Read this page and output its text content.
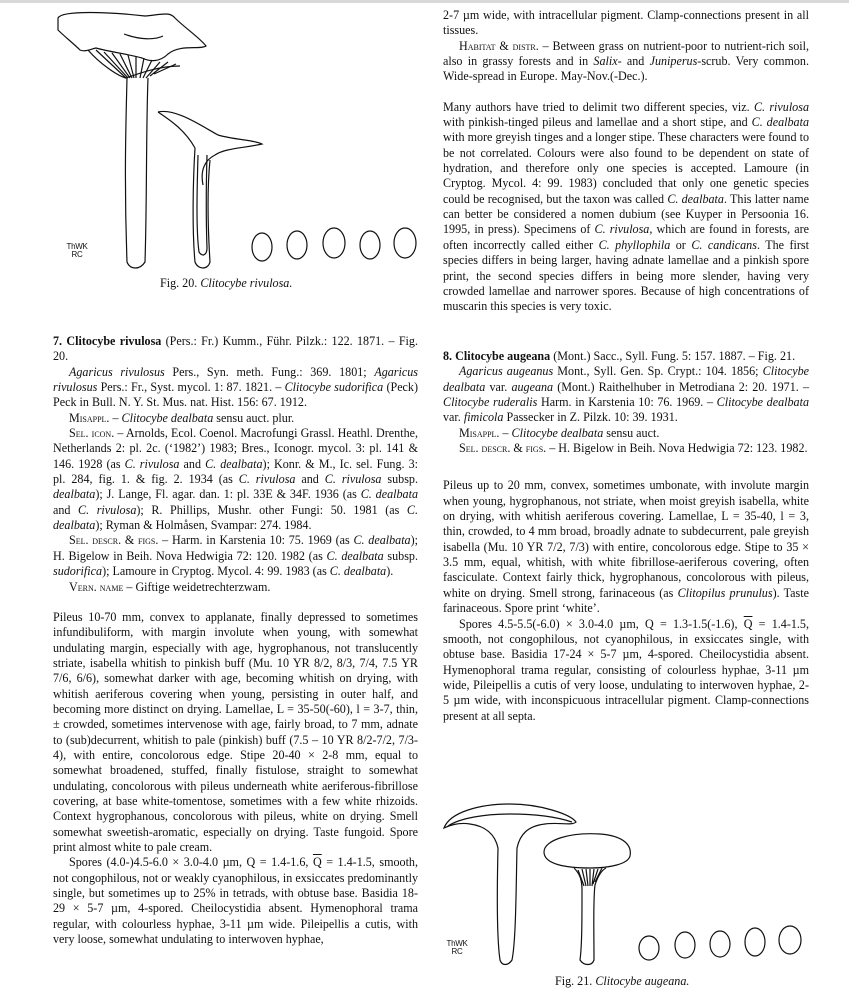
ThWK
RC
Fig. 20. Clitocybe rivulosa.

2-7 µm wide, with intracellular pigment. Clamp-connections present in all tissues.

Habitat & distr. – Between grass on nutrient-poor to nutrient-rich soil, also in grassy forests and in Salix- and Juniperus-scrub. Very common. Wide-spread in Europe. May-Nov.(-Dec.).

Many authors have tried to delimit two different species, viz. C. rivulosa with pinkish-tinged pileus and lamellae and a short stipe, and C. dealbata with more greyish tinges and a longer stipe. These characters were found to be not correlated. Colours were also found to be dependent on state of hydration, and therefore only one species is accepted. Lamoure (in Cryptog. Mycol. 4: 99. 1983) concluded that only one genetic species could be recognised, but the taxon was called C. dealbata. This latter name can better be considered a nomen dubium (see Kuyper in Persoonia 16. 1995, in press). Specimens of C. rivulosa, which are found in forests, are often incorrectly called either C. phyllophila or C. candicans. The first species differs in being larger, having adnate lamellae and a pinkish spore print, the second species differs in being more slender, having very crowded lamellae and narrower spores. Because of high concentrations of muscarin this species is very toxic.

7. Clitocybe rivulosa (Pers.: Fr.) Kumm., Führ. Pilzk.: 122. 1871. – Fig. 20.

Agaricus rivulosus Pers., Syn. meth. Fung.: 369. 1801; Agaricus rivulosus Pers.: Fr., Syst. mycol. 1: 87. 1821. – Clitocybe sudorifica (Peck) Peck in Bull. N. Y. St. Mus. nat. Hist. 156: 67. 1912.

Misappl. – Clitocybe dealbata sensu auct. plur.

Sel. icon. – Arnolds, Ecol. Coenol. Macrofungi Grassl. Heathl. Drenthe, Netherlands 2: pl. 2c. (‘1982’) 1983; Bres., Iconogr. mycol. 3: pl. 141 & 146. 1928 (as C. rivulosa and C. dealbata); Konr. & M., Ic. sel. Fung. 3: pl. 284, fig. 1. & fig. 2. 1934 (as C. rivulosa and C. rivulosa subsp. dealbata); J. Lange, Fl. agar. dan. 1: pl. 33E & 34F. 1936 (as C. dealbata and C. rivulosa); R. Phillips, Mushr. other Fungi: 50. 1981 (as C. dealbata); Ryman & Holmåsen, Svampar: 274. 1984.

Sel. descr. & figs. – Harm. in Karstenia 10: 75. 1969 (as C. dealbata); H. Bigelow in Beih. Nova Hedwigia 72: 120. 1982 (as C. dealbata subsp. sudorifica); Lamoure in Cryptog. Mycol. 4: 99. 1983 (as C. dealbata).

Vern. name – Giftige weidetrechterzwam.

Pileus 10-70 mm, convex to applanate, finally depressed to sometimes infundibuliform, with margin involute when young, with somewhat undulating margin, especially with age, hygrophanous, not translucently striate, isabella whitish to pinkish buff (Mu. 10 YR 8/2, 8/3, 7/4, 7.5 YR 7/6, 6/6), somewhat darker with age, becoming whitish on drying, with whitish aeriferous covering when young, persisting in outer half, and becoming more distinct on drying. Lamellae, L = 35-50(-60), l = 3-7, thin, ± crowded, sometimes intervenose with age, fairly broad, to 7 mm, adnate to (sub)decurrent, whitish to pale (pinkish) buff (7.5 – 10 YR 8/2-7/2, 7/3-4), with entire, concolorous edge. Stipe 20-40 × 2-8 mm, equal to somewhat broadened, stuffed, finally fistulose, straight to somewhat undulating, concolorous with pileus underneath white aeriferous-fibrillose covering, at base white-tomentose, sometimes with a few white rhizoids. Context hygrophanous, concolorous with pileus, white on drying. Smell somewhat sweetish-aromatic, especially on drying. Taste fungoid. Spore print almost white to pale cream.

Spores (4.0-)4.5-6.0 × 3.0-4.0 µm, Q = 1.4-1.6, $\overline{Q} = 1.4-1.5$, smooth, not congophilous, not or weakly cyanophilous, in exsiccates predominantly single, but sometimes up to 25% in tetrads, with obtuse base. Basidia 18-29 × 5-7 µm, 4-spored. Cheilocystidia absent. Hymenophoral trama regular, with colourless hyphae, 3-11 µm wide. Pileipellis a cutis, with very loose, somewhat undulating to interwoven hyphae,

8. Clitocybe augeana (Mont.) Sacc., Syll. Fung. 5: 157. 1887. – Fig. 21.

Agaricus augeanus Mont., Syll. Gen. Sp. Crypt.: 104. 1856; Clitocybe dealbata var. augeana (Mont.) Raithelhuber in Metrodiana 2: 20. 1971. – Clitocybe ruderalis Harm. in Karstenia 10: 76. 1969. – Clitocybe dealbata var. fimicola Passecker in Z. Pilzk. 10: 39. 1931.

Misappl. – Clitocybe dealbata sensu auct.

Sel. descr. & figs. – H. Bigelow in Beih. Nova Hedwigia 72: 123. 1982.

Pileus up to 20 mm, convex, sometimes umbonate, with involute margin when young, hygrophanous, not striate, when moist greyish isabella, white on drying, with whitish aeriferous covering. Lamellae, L = 35-40, l = 3, thin, crowded, to 4 mm broad, broadly adnate to subdecurrent, pale greyish isabella (Mu. 10 YR 7/2, 7/3) with entire, concolorous edge. Stipe to 35 × 3.5 mm, equal, whitish, with white fibrillose-aeriferous covering, often fasciculate. Context fairly thick, hygrophanous, concolorous with pileus, white on drying. Smell strong, farinaceous (as Clitopilus prunulus). Taste farinaceous. Spore print ‘white’.

Spores 4.5-5.5(-6.0) × 3.0-4.0 µm, Q = 1.3-1.5(-1.6), $\overline{Q} = 1.4-1.5$, smooth, not congophilous, not cyanophilous, in exsiccates single, with obtuse base. Basidia 17-24 × 5-7 µm, 4-spored. Cheilocystidia absent. Hymenophoral trama regular, consisting of colourless hyphae, 3-11 µm wide, Pileipellis a cutis of very loose, undulating to interwoven hyphae, 2-5 µm wide, with inconspicuous intracellular pigment. Clamp-connections present at all septa.

ThWK
RC
Fig. 21. Clitocybe augeana.
